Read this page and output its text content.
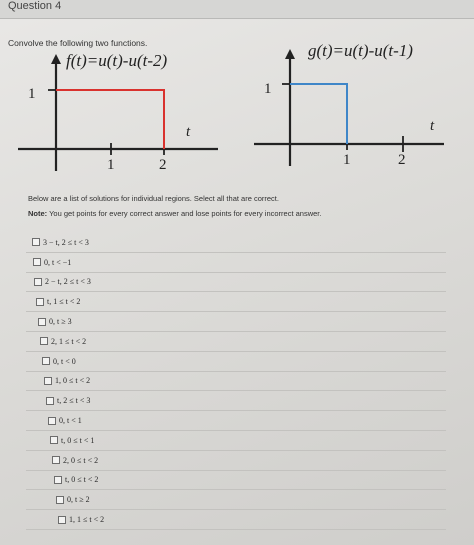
Question 4
Convolve the following two functions.
f(t)=u(t)-u(t-2)
1
1	2
t
g(t)=u(t)-u(t-1)
1
1	2
t
Below are a list of solutions for individual regions. Select all that are correct.
Note: You get points for every correct answer and lose points for every incorrect answer.
3 − t, 2 ≤ t < 3
0, t < −1
2 − t, 2 ≤ t < 3
t, 1 ≤ t < 2
0, t ≥ 3
2, 1 ≤ t < 2
0, t < 0
1, 0 ≤ t < 2
t, 2 ≤ t < 3
0, t < 1
t, 0 ≤ t < 1
2, 0 ≤ t < 2
t, 0 ≤ t < 2
0, t ≥ 2
1, 1 ≤ t < 2
